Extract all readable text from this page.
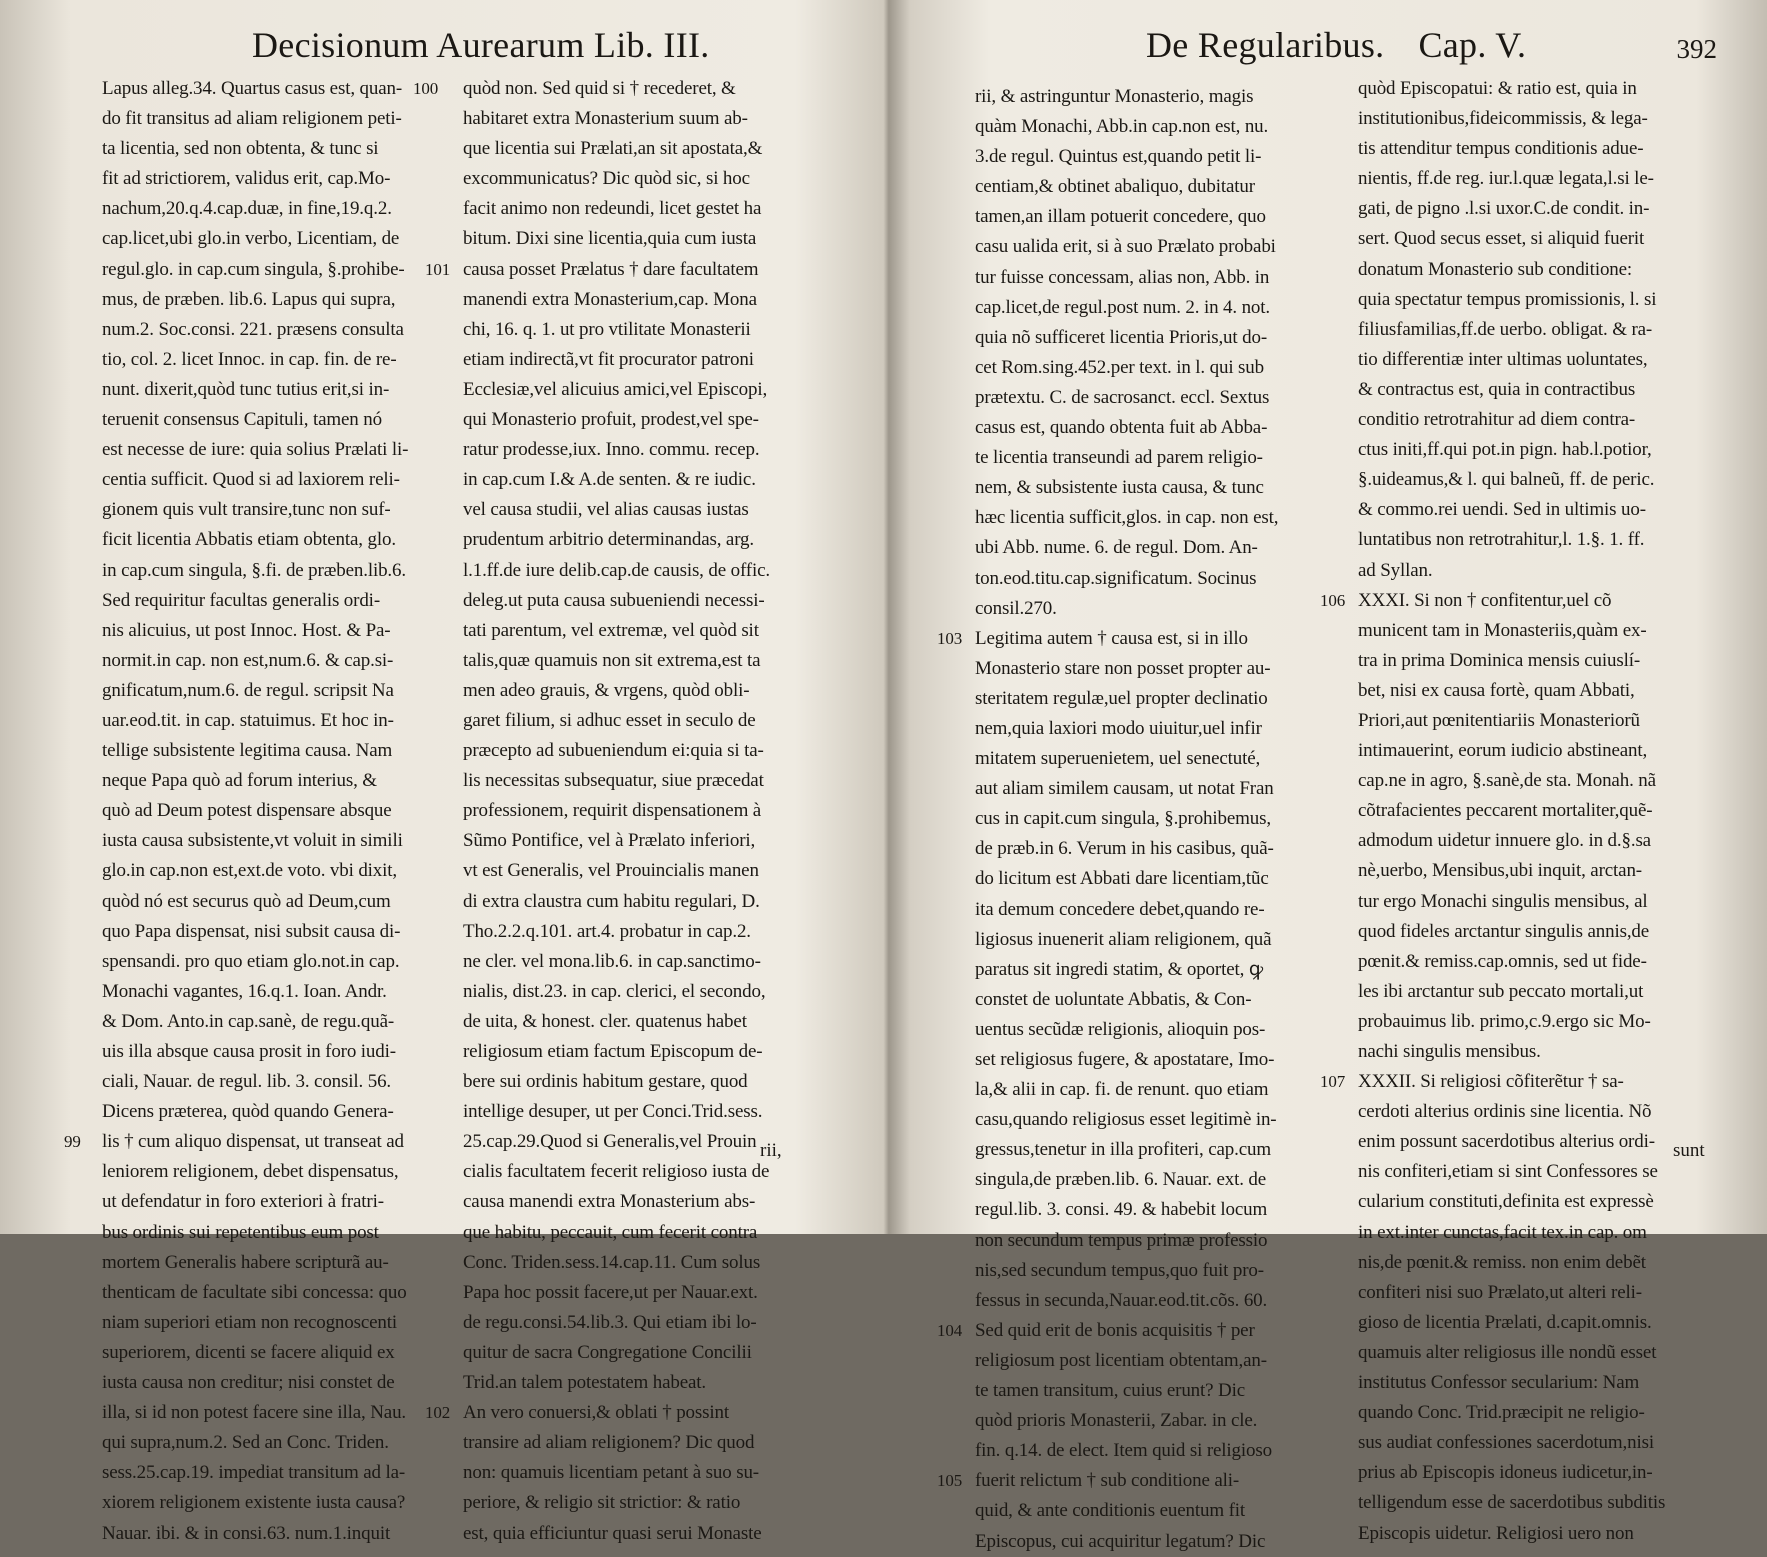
Decisionum Aurearum Lib. III.
Lapus alleg.34. Quartus casus est, quan-
do fit transitus ad aliam religionem peti-
ta licentia, sed non obtenta, & tunc si
fit ad strictiorem, validus erit, cap.Mo-
nachum,20.q.4.cap.duæ, in fine,19.q.2.
cap.licet,ubi glo.in verbo, Licentiam, de
regul.glo. in cap.cum singula, §.prohibe-
mus, de præben. lib.6. Lapus qui supra,
num.2. Soc.consi. 221. præsens consulta
tio, col. 2. licet Innoc. in cap. fin. de re-
nunt. dixerit,quòd tunc tutius erit,si in-
teruenit consensus Capituli, tamen nó
est necesse de iure: quia solius Prælati li-
centia sufficit. Quod si ad laxiorem reli-
gionem quis vult transire,tunc non suf-
ficit licentia Abbatis etiam obtenta, glo.
in cap.cum singula, §.fi. de præben.lib.6.
Sed requiritur facultas generalis ordi-
nis alicuius, ut post Innoc. Host. & Pa-
normit.in cap. non est,num.6. & cap.si-
gnificatum,num.6. de regul. scripsit Na
uar.eod.tit. in cap. statuimus. Et hoc in-
tellige subsistente legitima causa. Nam
neque Papa quò ad forum interius, &
quò ad Deum potest dispensare absque
iusta causa subsistente,vt voluit in simili
glo.in cap.non est,ext.de voto. vbi dixit,
quòd nó est securus quò ad Deum,cum
quo Papa dispensat, nisi subsit causa di-
spensandi. pro quo etiam glo.not.in cap.
Monachi vagantes, 16.q.1. Ioan. Andr.
& Dom. Anto.in cap.sanè, de regu.quã-
uis illa absque causa prosit in foro iudi-
ciali, Nauar. de regul. lib. 3. consil. 56.
Dicens præterea, quòd quando Genera-
99 lis † cum aliquo dispensat, ut transeat ad
leniorem religionem, debet dispensatus,
ut defendatur in foro exteriori à fratri-
bus ordinis sui repetentibus eum post
mortem Generalis habere scripturã au-
thenticam de facultate sibi concessa: quo
niam superiori etiam non recognoscenti
superiorem, dicenti se facere aliquid ex
iusta causa non creditur; nisi constet de
illa, si id non potest facere sine illa, Nau.
qui supra,num.2. Sed an Conc. Triden.
sess.25.cap.19. impediat transitum ad la-
xiorem religionem existente iusta causa?
Nauar. ibi. & in consi.63. num.1.inquit
100 quòd non. Sed quid si † recederet, &
habitaret extra Monasterium suum ab-
que licentia sui Prælati,an sit apostata,&
excommunicatus? Dic quòd sic, si hoc
facit animo non redeundi, licet gestet ha
bitum. Dixi sine licentia,quia cum iusta
101 causa posset Prælatus † dare facultatem
manendi extra Monasterium,cap. Mona
chi, 16. q. 1. ut pro vtilitate Monasterii
etiam indirectã,vt fit procurator patroni
Ecclesiæ,vel alicuius amici,vel Episcopi,
qui Monasterio profuit, prodest,vel spe-
ratur prodesse,iux. Inno. commu. recep.
in cap.cum I.& A.de senten. & re iudic.
vel causa studii, vel alias causas iustas
prudentum arbitrio determinandas, arg.
l.1.ff.de iure delib.cap.de causis, de offic.
deleg.ut puta causa subueniendi necessi-
tati parentum, vel extremæ, vel quòd sit
talis,quæ quamuis non sit extrema,est ta
men adeo grauis, & vrgens, quòd obli-
garet filium, si adhuc esset in seculo de
præcepto ad subueniendum ei:quia si ta-
lis necessitas subsequatur, siue præcedat
professionem, requirit dispensationem à
Sũmo Pontifice, vel à Prælato inferiori,
vt est Generalis, vel Prouincialis manen
di extra claustra cum habitu regulari, D.
Tho.2.2.q.101. art.4. probatur in cap.2.
ne cler. vel mona.lib.6. in cap.sanctimo-
nialis, dist.23. in cap. clerici, el secondo,
de uita, & honest. cler. quatenus habet
religiosum etiam factum Episcopum de-
bere sui ordinis habitum gestare, quod
intellige desuper, ut per Conci.Trid.sess.
25.cap.29.Quod si Generalis,vel Prouin
cialis facultatem fecerit religioso iusta de
causa manendi extra Monasterium abs-
que habitu, peccauit, cum fecerit contra
Conc. Triden.sess.14.cap.11. Cum solus
Papa hoc possit facere,ut per Nauar.ext.
de regu.consi.54.lib.3. Qui etiam ibi lo-
quitur de sacra Congregatione Concilii
Trid.an talem potestatem habeat.
102 An vero conuersi,& oblati † possint
transire ad aliam religionem? Dic quod
non: quamuis licentiam petant à suo su-
periore, & religio sit strictior: & ratio
est, quia efficiuntur quasi serui Monaste
rii,
De Regularibus. Cap. V.	392
rii, & astringuntur Monasterio, magis
quàm Monachi, Abb.in cap.non est, nu.
3.de regul. Quintus est,quando petit li-
centiam,& obtinet abaliquo, dubitatur
tamen,an illam potuerit concedere, quo
casu ualida erit, si à suo Prælato probabi
tur fuisse concessam, alias non, Abb. in
cap.licet,de regul.post num. 2. in 4. not.
quia nõ sufficeret licentia Prioris,ut do-
cet Rom.sing.452.per text. in l. qui sub
prætextu. C. de sacrosanct. eccl. Sextus
casus est, quando obtenta fuit ab Abba-
te licentia transeundi ad parem religio-
nem, & subsistente iusta causa, & tunc
hæc licentia sufficit,glos. in cap. non est,
ubi Abb. nume. 6. de regul. Dom. An-
ton.eod.titu.cap.significatum. Socinus
consil.270.
103 Legitima autem † causa est, si in illo
Monasterio stare non posset propter au-
steritatem regulæ,uel propter declinatio
nem,quia laxiori modo uiuitur,uel infir
mitatem superuenietem, uel senectuté,
aut aliam similem causam, ut notat Fran
cus in capit.cum singula, §.prohibemus,
de præb.in 6. Verum in his casibus, quã-
do licitum est Abbati dare licentiam,tũc
ita demum concedere debet,quando re-
ligiosus inuenerit aliam religionem, quã
paratus sit ingredi statim, & oportet, ꝙ
constet de uoluntate Abbatis, & Con-
uentus secũdæ religionis, alioquin pos-
set religiosus fugere, & apostatare, Imo-
la,& alii in cap. fi. de renunt. quo etiam
casu,quando religiosus esset legitimè in-
gressus,tenetur in illa profiteri, cap.cum
singula,de præben.lib. 6. Nauar. ext. de
regul.lib. 3. consi. 49. & habebit locum
non secundum tempus primæ professio
nis,sed secundum tempus,quo fuit pro-
fessus in secunda,Nauar.eod.tit.cõs. 60.
104 Sed quid erit de bonis acquisitis † per
religiosum post licentiam obtentam,an-
te tamen transitum, cuius erunt? Dic
quòd prioris Monasterii, Zabar. in cle.
fin. q.14. de elect. Item quid si religioso
105 fuerit relictum † sub conditione ali-
quid, & ante conditionis euentum fit
Episcopus, cui acquiritur legatum? Dic
quòd Episcopatui: & ratio est, quia in
institutionibus,fideicommissis, & lega-
tis attenditur tempus conditionis adue-
nientis, ff.de reg. iur.l.quæ legata,l.si le-
gati, de pigno .l.si uxor.C.de condit. in-
sert. Quod secus esset, si aliquid fuerit
donatum Monasterio sub conditione:
quia spectatur tempus promissionis, l. si
filiusfamilias,ff.de uerbo. obligat. & ra-
tio differentiæ inter ultimas uoluntates,
& contractus est, quia in contractibus
conditio retrotrahitur ad diem contra-
ctus initi,ff.qui pot.in pign. hab.l.potior,
§.uideamus,& l. qui balneũ, ff. de peric.
& commo.rei uendi. Sed in ultimis uo-
luntatibus non retrotrahitur,l. 1.§. 1. ff.
ad Syllan.
106 XXXI. Si non † confitentur,uel cõ
municent tam in Monasteriis,quàm ex-
tra in prima Dominica mensis cuiuslí-
bet, nisi ex causa fortè, quam Abbati,
Priori,aut pœnitentiariis Monasteriorũ
intimauerint, eorum iudicio abstineant,
cap.ne in agro, §.sanè,de sta. Monah. nã
cõtrafacientes peccarent mortaliter,quẽ-
admodum uidetur innuere glo. in d.§.sa
nè,uerbo, Mensibus,ubi inquit, arctan-
tur ergo Monachi singulis mensibus, al
quod fideles arctantur singulis annis,de
pœnit.& remiss.cap.omnis, sed ut fide-
les ibi arctantur sub peccato mortali,ut
probauimus lib. primo,c.9.ergo sic Mo-
nachi singulis mensibus.
107 XXXII. Si religiosi cõfiterẽtur † sa-
cerdoti alterius ordinis sine licentia. Nõ
enim possunt sacerdotibus alterius ordi-
nis confiteri,etiam si sint Confessores se
cularium constituti,definita est expressè
in ext.inter cunctas,facit tex.in cap. om
nis,de pœnit.& remiss. non enim debẽt
confiteri nisi suo Prælato,ut alteri reli-
gioso de licentia Prælati, d.capit.omnis.
quamuis alter religiosus ille nondũ esset
institutus Confessor secularium: Nam
quando Conc. Trid.præcipit ne religio-
sus audiat confessiones sacerdotum,nisi
prius ab Episcopis idoneus iudicetur,in-
telligendum esse de sacerdotibus subditis
Episcopis uidetur. Religiosi uero non
sunt
